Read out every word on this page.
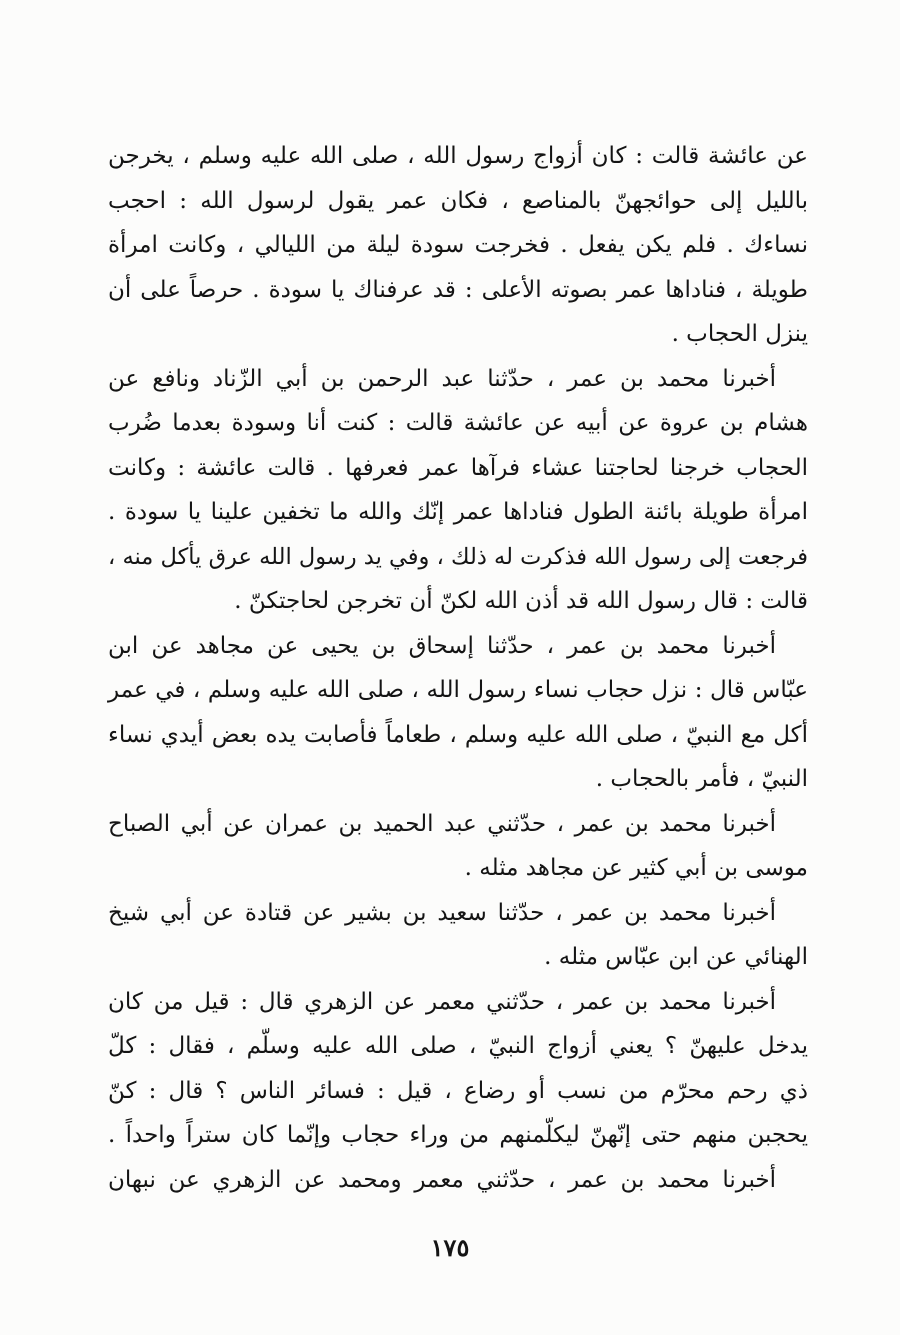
عن عائشة قالت : كان أزواج رسول الله ، صلى الله عليه وسلم ، يخرجن
بالليل إلى حوائجهنّ بالمناصع ، فكان عمر يقول لرسول الله : احجب
نساءك . فلم يكن يفعل . فخرجت سودة ليلة من الليالي ، وكانت امرأة
طويلة ، فناداها عمر بصوته الأعلى : قد عرفناك يا سودة . حرصاً على أن
ينزل الحجاب .
أخبرنا محمد بن عمر ، حدّثنا عبد الرحمن بن أبي الزّناد ونافع عن
هشام بن عروة عن أبيه عن عائشة قالت : كنت أنا وسودة بعدما ضُرب
الحجاب خرجنا لحاجتنا عشاء فرآها عمر فعرفها . قالت عائشة : وكانت
امرأة طويلة بائنة الطول فناداها عمر إنّك والله ما تخفين علينا يا سودة .
فرجعت إلى رسول الله فذكرت له ذلك ، وفي يد رسول الله عرق يأكل منه ،
قالت : قال رسول الله قد أذن الله لكنّ أن تخرجن لحاجتكنّ .
أخبرنا محمد بن عمر ، حدّثنا إسحاق بن يحيى عن مجاهد عن ابن
عبّاس قال : نزل حجاب نساء رسول الله ، صلى الله عليه وسلم ، في عمر
أكل مع النبيّ ، صلى الله عليه وسلم ، طعاماً فأصابت يده بعض أيدي نساء
النبيّ ، فأمر بالحجاب .
أخبرنا محمد بن عمر ، حدّثني عبد الحميد بن عمران عن أبي الصباح
موسى بن أبي كثير عن مجاهد مثله .
أخبرنا محمد بن عمر ، حدّثنا سعيد بن بشير عن قتادة عن أبي شيخ
الهنائي عن ابن عبّاس مثله .
أخبرنا محمد بن عمر ، حدّثني معمر عن الزهري قال : قيل من كان
يدخل عليهنّ ؟ يعني أزواج النبيّ ، صلى الله عليه وسلّم ، فقال : كلّ
ذي رحم محرّم من نسب أو رضاع ، قيل : فسائر الناس ؟ قال : كنّ
يحجبن منهم حتى إنّهنّ ليكلّمنهم من وراء حجاب وإنّما كان ستراً واحداً .
أخبرنا محمد بن عمر ، حدّثني معمر ومحمد عن الزهري عن نبهان
١٧٥
